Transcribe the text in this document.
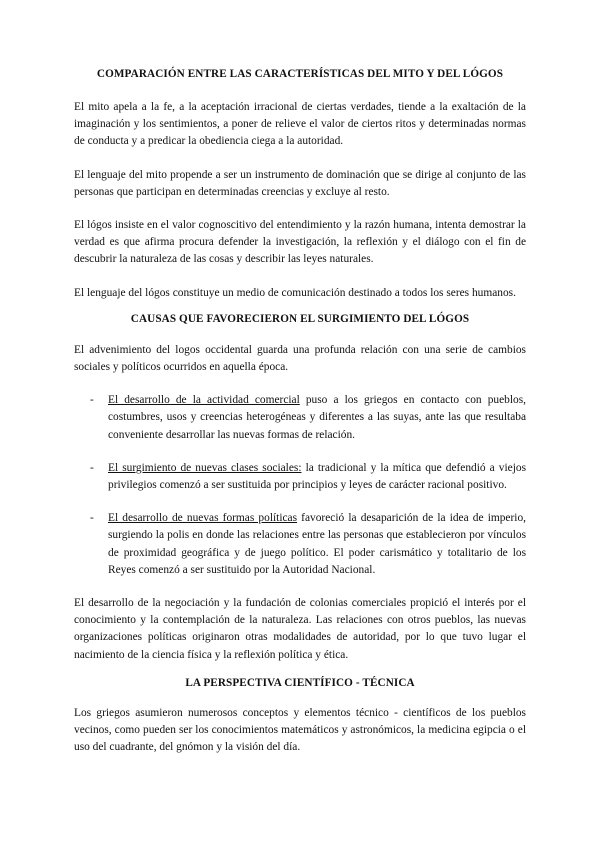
COMPARACIÓN ENTRE LAS CARACTERÍSTICAS DEL MITO Y DEL LÓGOS

El mito apela a la fe, a la aceptación irracional de ciertas verdades, tiende a la exaltación de la imaginación y los sentimientos, a poner de relieve el valor de ciertos ritos y determinadas normas de conducta y a predicar la obediencia ciega a la autoridad.

El lenguaje del mito propende a ser un instrumento de dominación que se dirige al conjunto de las personas que participan en determinadas creencias y excluye al resto.

El lógos insiste en el valor cognoscitivo del entendimiento y la razón humana, intenta demostrar la verdad es que afirma procura defender la investigación, la reflexión y el diálogo con el fin de descubrir la naturaleza de las cosas y describir las leyes naturales.

El lenguaje del lógos constituye un medio de comunicación destinado a todos los seres humanos.

CAUSAS QUE FAVORECIERON EL SURGIMIENTO DEL LÓGOS

El advenimiento del logos occidental guarda una profunda relación con una serie de cambios sociales y políticos ocurridos en aquella época.

- El desarrollo de la actividad comercial puso a los griegos en contacto con pueblos, costumbres, usos y creencias heterogéneas y diferentes a las suyas, ante las que resultaba conveniente desarrollar las nuevas formas de relación.
- El surgimiento de nuevas clases sociales: la tradicional y la mítica que defendió a viejos privilegios comenzó a ser sustituida por principios y leyes de carácter racional positivo.
- El desarrollo de nuevas formas políticas favoreció la desaparición de la idea de imperio, surgiendo la polis en donde las relaciones entre las personas que establecieron por vínculos de proximidad geográfica y de juego político. El poder carismático y totalitario de los Reyes comenzó a ser sustituido por la Autoridad Nacional.

El desarrollo de la negociación y la fundación de colonias comerciales propició el interés por el conocimiento y la contemplación de la naturaleza. Las relaciones con otros pueblos, las nuevas organizaciones políticas originaron otras modalidades de autoridad, por lo que tuvo lugar el nacimiento de la ciencia física y la reflexión política y ética.

LA PERSPECTIVA CIENTÍFICO - TÉCNICA

Los griegos asumieron numerosos conceptos y elementos técnico - científicos de los pueblos vecinos, como pueden ser los conocimientos matemáticos y astronómicos, la medicina egipcia o el uso del cuadrante, del gnómon y la visión del día.
